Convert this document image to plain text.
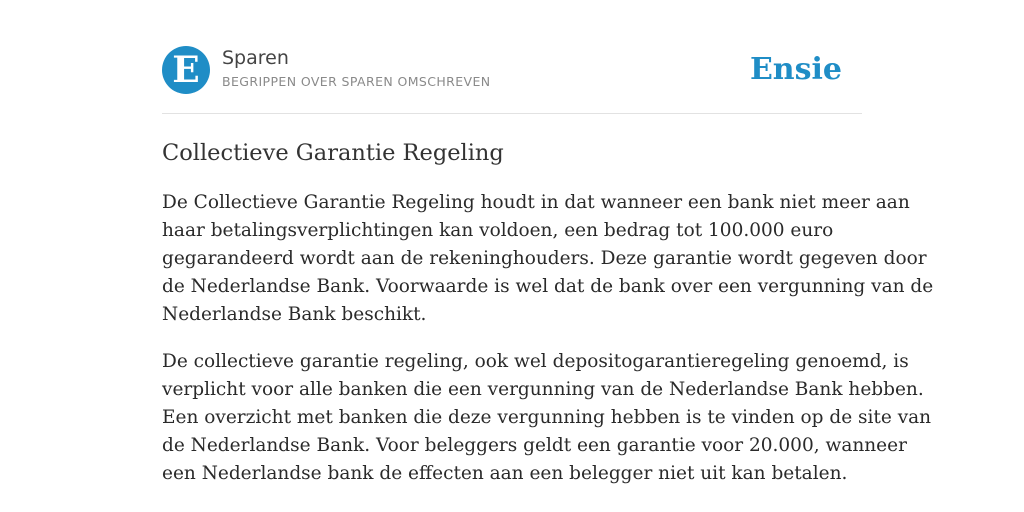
E	Sparen
BEGRIPPEN OVER SPAREN OMSCHREVEN	Ensie
Collectieve Garantie Regeling

De Collectieve Garantie Regeling houdt in dat wanneer een bank niet meer aan
haar betalingsverplichtingen kan voldoen, een bedrag tot 100.000 euro
gegarandeerd wordt aan de rekeninghouders. Deze garantie wordt gegeven door
de Nederlandse Bank. Voorwaarde is wel dat de bank over een vergunning van de
Nederlandse Bank beschikt.

De collectieve garantie regeling, ook wel depositogarantieregeling genoemd, is
verplicht voor alle banken die een vergunning van de Nederlandse Bank hebben.
Een overzicht met banken die deze vergunning hebben is te vinden op de site van
de Nederlandse Bank. Voor beleggers geldt een garantie voor 20.000, wanneer
een Nederlandse bank de effecten aan een belegger niet uit kan betalen.
